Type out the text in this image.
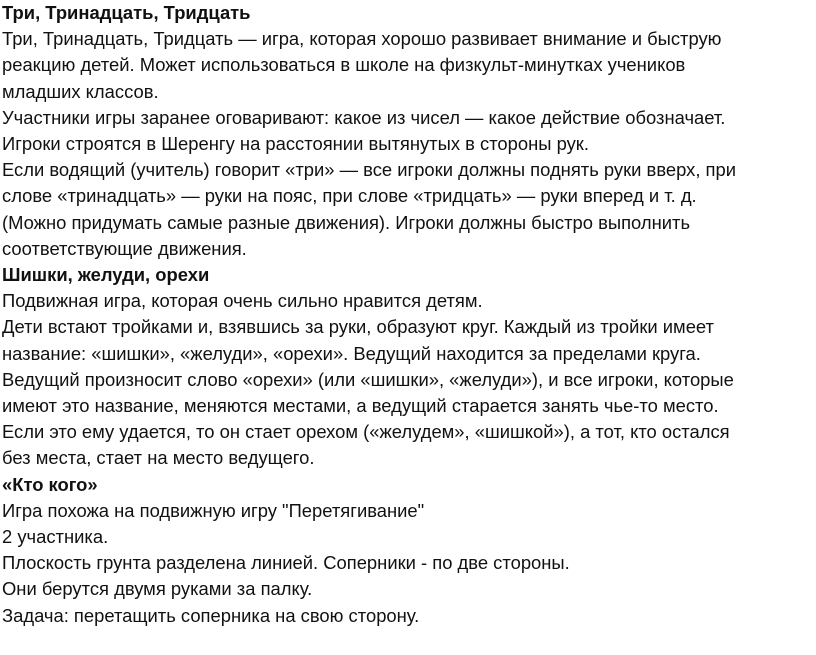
Три, Тринадцать, Тридцать
Три, Тринадцать, Тридцать — игра, которая хорошо развивает внимание и быструю
реакцию детей. Может использоваться в школе на физкульт-минутках учеников
младших классов.
Участники игры заранее оговаривают: какое из чисел — какое действие обозначает.
Игроки строятся в Шеренгу на расстоянии вытянутых в стороны рук.
Если водящий (учитель) говорит «три» — все игроки должны поднять руки вверх, при
слове «тринадцать» — руки на пояс, при слове «тридцать» — руки вперед и т. д.
(Можно придумать самые разные движения). Игроки должны быстро выполнить
соответствующие движения.
Шишки, желуди, орехи
Подвижная игра, которая очень сильно нравится детям.
Дети встают тройками и, взявшись за руки, образуют круг. Каждый из тройки имеет
название: «шишки», «желуди», «орехи». Ведущий находится за пределами круга.
Ведущий произносит слово «орехи» (или «шишки», «желуди»), и все игроки, которые
имеют это название, меняются местами, а ведущий старается занять чье-то место.
Если это ему удается, то он стает орехом («желудем», «шишкой»), а тот, кто остался
без места, стает на место ведущего.
«Кто кого»
Игра похожа на подвижную игру "Перетягивание"
2 участника.
Плоскость грунта разделена линией. Соперники - по две стороны.
Они берутся двумя руками за палку.
Задача: перетащить соперника на свою сторону.
